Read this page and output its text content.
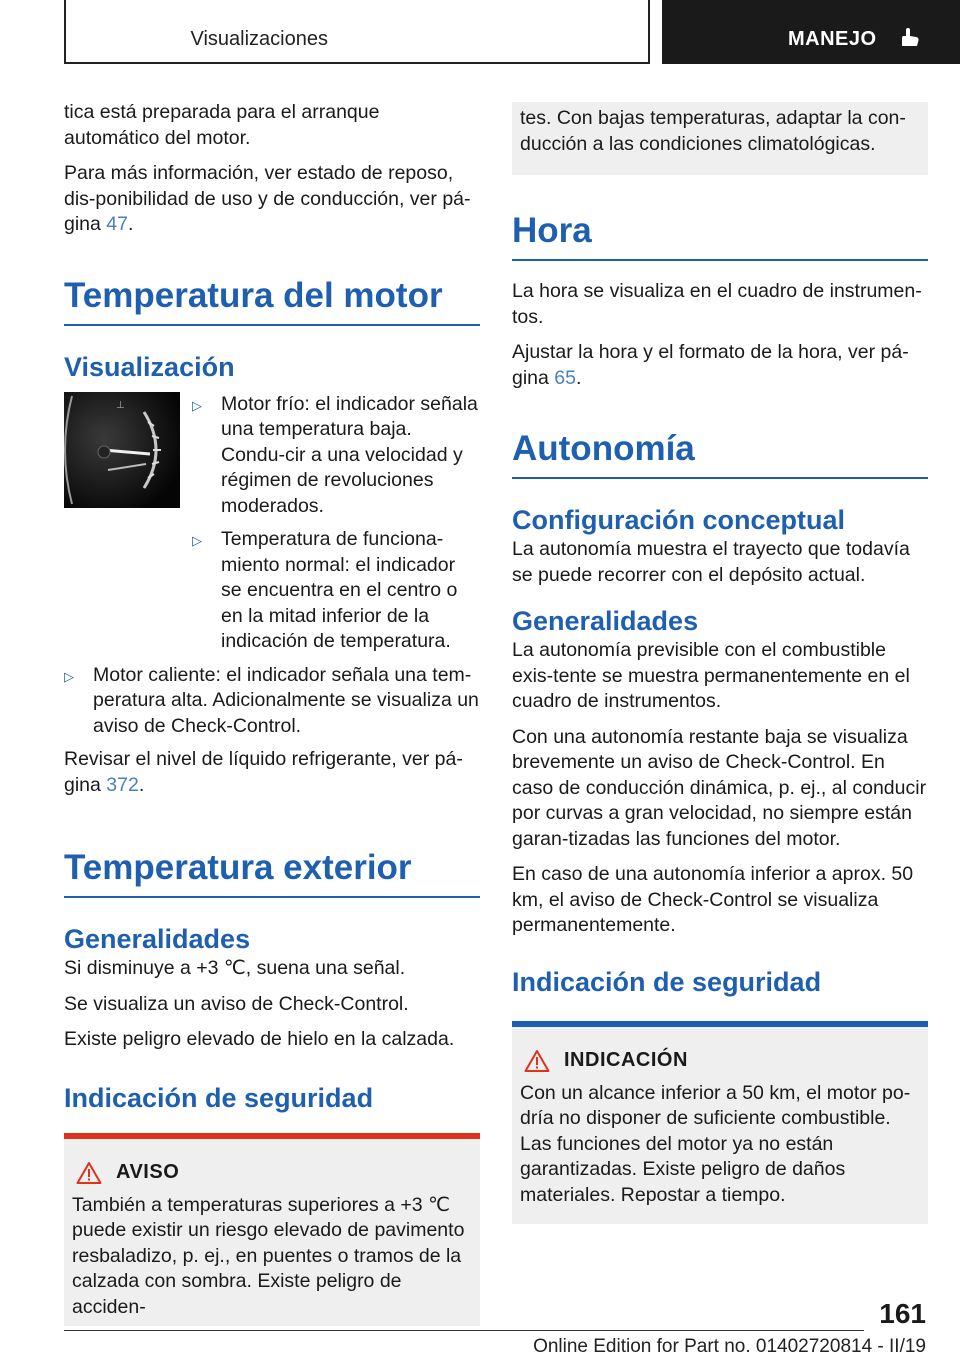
Visualizaciones	MANEJO

tica está preparada para el arranque automático del motor.

Para más información, ver estado de reposo, dis-ponibilidad de uso y de conducción, ver pá-gina 47.

Temperatura del motor
Visualización
⊥	▷ Motor frío: el indicador señala una temperatura baja. Condu-cir a una velocidad y régimen de revoluciones moderados.

▷ Temperatura de funciona-miento normal: el indicador se encuentra en el centro o en la mitad inferior de la indicación de temperatura.

▷ Motor caliente: el indicador señala una tem-peratura alta. Adicionalmente se visualiza un aviso de Check-Control.

Revisar el nivel de líquido refrigerante, ver pá-gina 372.

Temperatura exterior
Generalidades

Si disminuye a +3 ℃, suena una señal.

Se visualiza un aviso de Check-Control.

Existe peligro elevado de hielo en la calzada.

Indicación de seguridad
AVISO

También a temperaturas superiores a +3 ℃ puede existir un riesgo elevado de pavimento resbaladizo, p. ej., en puentes o tramos de la calzada con sombra. Existe peligro de acciden-

tes. Con bajas temperaturas, adaptar la con-ducción a las condiciones climatológicas.

Hora

La hora se visualiza en el cuadro de instrumen-tos.

Ajustar la hora y el formato de la hora, ver pá-gina 65.

Autonomía
Configuración conceptual

La autonomía muestra el trayecto que todavía se puede recorrer con el depósito actual.

Generalidades

La autonomía previsible con el combustible exis-tente se muestra permanentemente en el cuadro de instrumentos.

Con una autonomía restante baja se visualiza brevemente un aviso de Check-Control. En caso de conducción dinámica, p. ej., al conducir por curvas a gran velocidad, no siempre están garan-tizadas las funciones del motor.

En caso de una autonomía inferior a aprox. 50 km, el aviso de Check-Control se visualiza permanentemente.

Indicación de seguridad
INDICACIÓN

Con un alcance inferior a 50 km, el motor po-dría no disponer de suficiente combustible. Las funciones del motor ya no están garantizadas. Existe peligro de daños materiales. Repostar a tiempo.

161
Online Edition for Part no. 01402720814 - II/19
